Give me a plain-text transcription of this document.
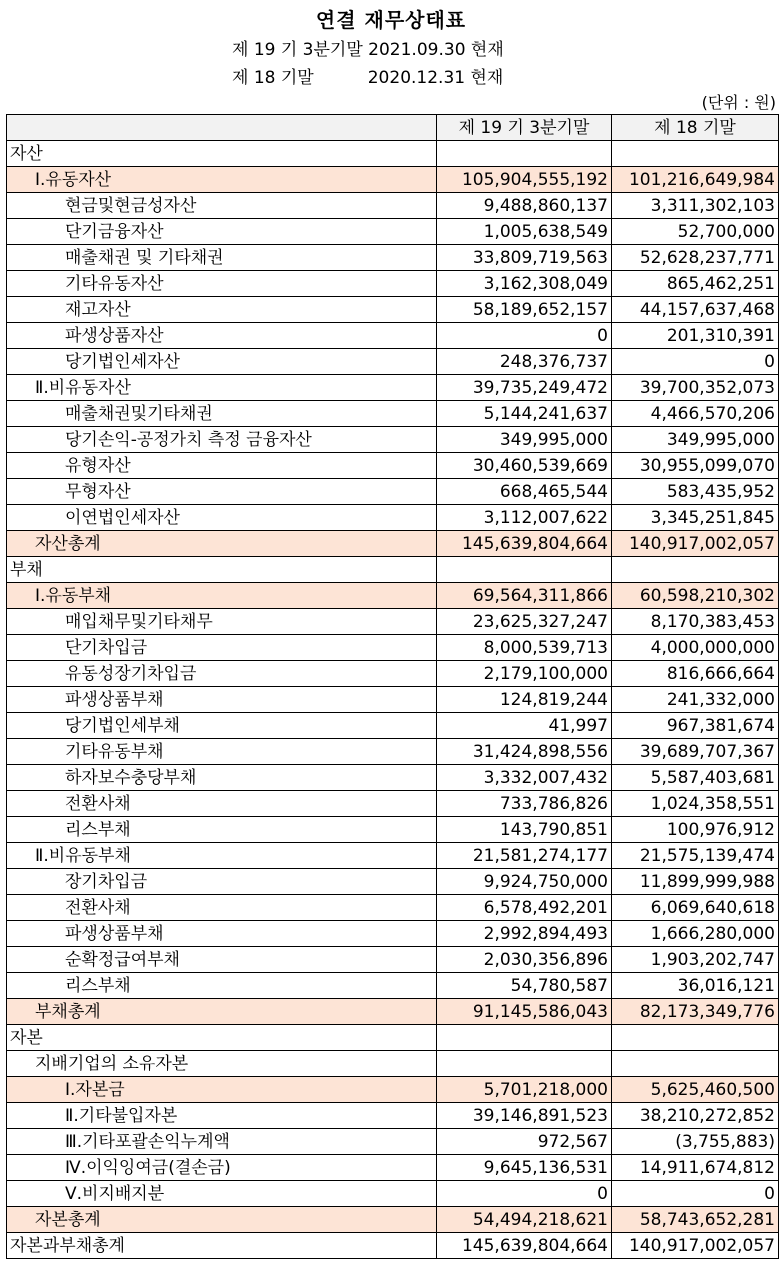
연결 재무상태표
제 19 기 3분기말 2021.09.30 현재
제 18 기말          2020.12.31 현재
(단위 : 원)
	제 19 기 3분기말	제 18 기말
자산		
Ⅰ.유동자산	105,904,555,192	101,216,649,984
현금및현금성자산	9,488,860,137	3,311,302,103
단기금융자산	1,005,638,549	52,700,000
매출채권 및 기타채권	33,809,719,563	52,628,237,771
기타유동자산	3,162,308,049	865,462,251
재고자산	58,189,652,157	44,157,637,468
파생상품자산	0	201,310,391
당기법인세자산	248,376,737	0
Ⅱ.비유동자산	39,735,249,472	39,700,352,073
매출채권및기타채권	5,144,241,637	4,466,570,206
당기손익-공정가치 측정 금융자산	349,995,000	349,995,000
유형자산	30,460,539,669	30,955,099,070
무형자산	668,465,544	583,435,952
이연법인세자산	3,112,007,622	3,345,251,845
자산총계	145,639,804,664	140,917,002,057
부채		
Ⅰ.유동부채	69,564,311,866	60,598,210,302
매입채무및기타채무	23,625,327,247	8,170,383,453
단기차입금	8,000,539,713	4,000,000,000
유동성장기차입금	2,179,100,000	816,666,664
파생상품부채	124,819,244	241,332,000
당기법인세부채	41,997	967,381,674
기타유동부채	31,424,898,556	39,689,707,367
하자보수충당부채	3,332,007,432	5,587,403,681
전환사채	733,786,826	1,024,358,551
리스부채	143,790,851	100,976,912
Ⅱ.비유동부채	21,581,274,177	21,575,139,474
장기차입금	9,924,750,000	11,899,999,988
전환사채	6,578,492,201	6,069,640,618
파생상품부채	2,992,894,493	1,666,280,000
순확정급여부채	2,030,356,896	1,903,202,747
리스부채	54,780,587	36,016,121
부채총계	91,145,586,043	82,173,349,776
자본		
지배기업의 소유자본		
Ⅰ.자본금	5,701,218,000	5,625,460,500
Ⅱ.기타불입자본	39,146,891,523	38,210,272,852
Ⅲ.기타포괄손익누계액	972,567	(3,755,883)
Ⅳ.이익잉여금(결손금)	9,645,136,531	14,911,674,812
Ⅴ.비지배지분	0	0
자본총계	54,494,218,621	58,743,652,281
자본과부채총계	145,639,804,664	140,917,002,057
